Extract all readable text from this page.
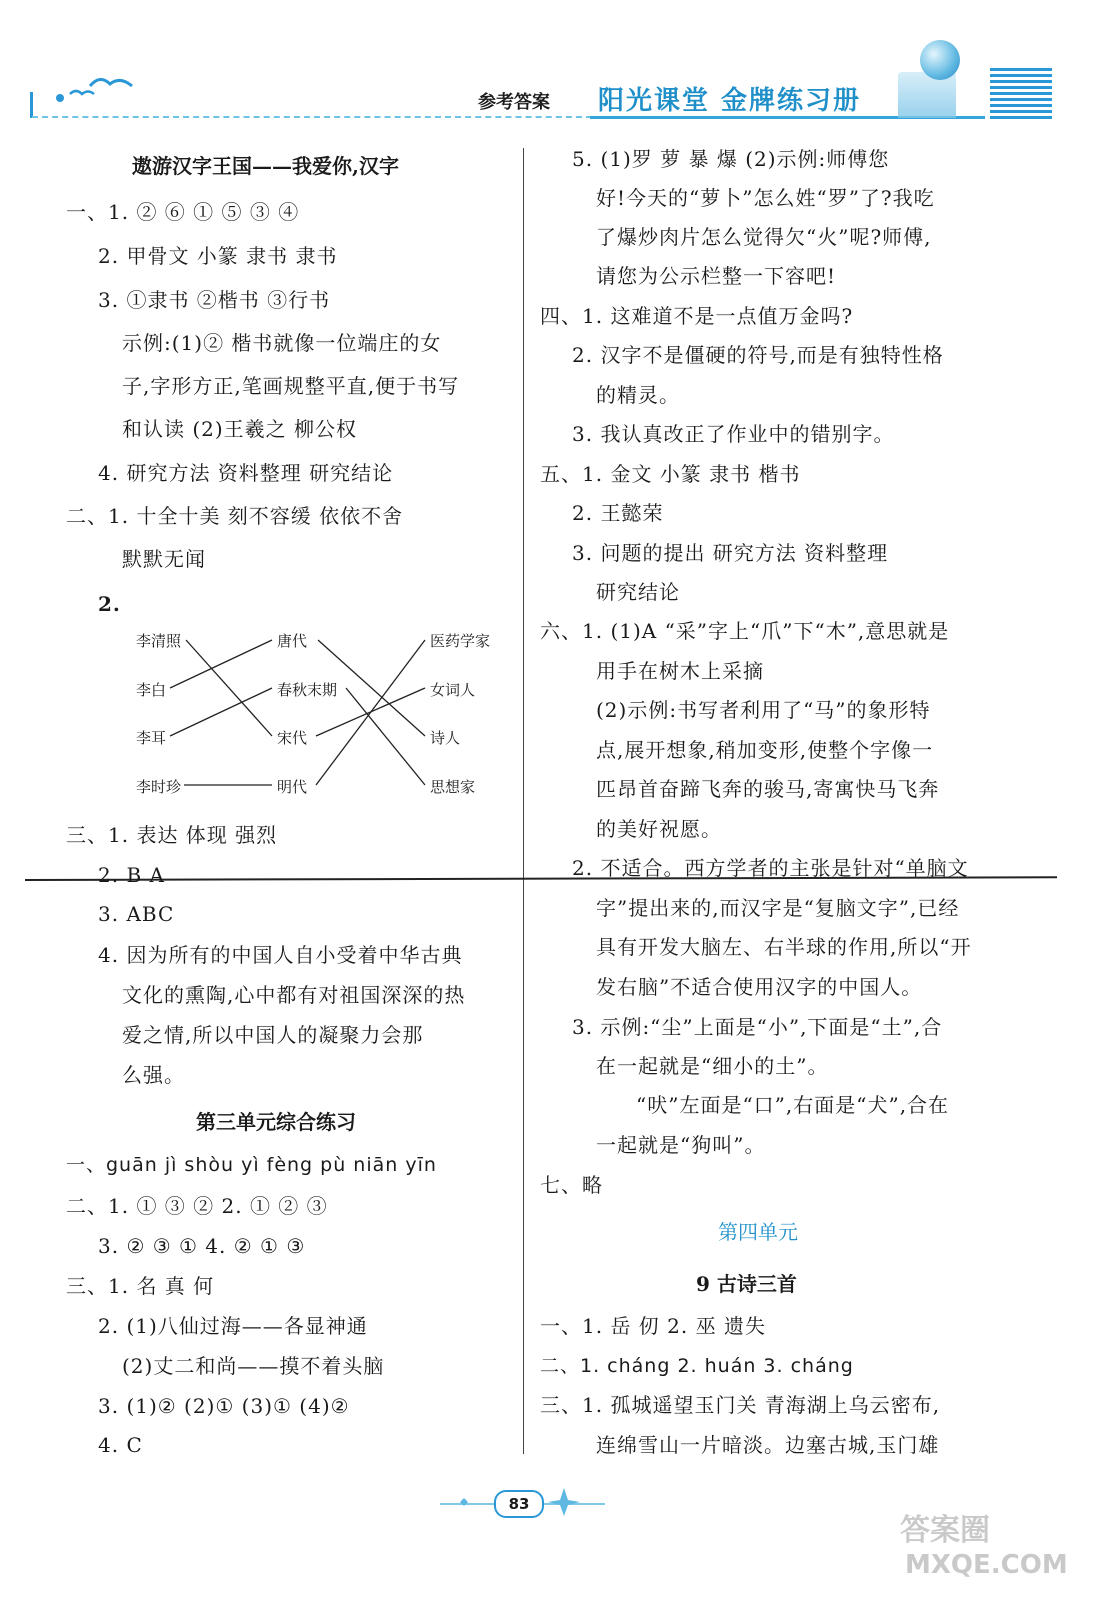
参考答案 阳光课堂 金牌练习册
遨游汉字王国——我爱你,汉字
一、1. ② ⑥ ① ⑤ ③ ④
2. 甲骨文 小篆 隶书 隶书
3. ①隶书 ②楷书 ③行书
示例:(1)② 楷书就像一位端庄的女
子,字形方正,笔画规整平直,便于书写
和认读 (2)王羲之 柳公权
4. 研究方法 资料整理 研究结论
二、1. 十全十美 刻不容缓 依依不舍
默默无闻
2.
李清照
李白
李耳
李时珍
唐代
春秋末期
宋代
明代
医药学家
女词人
诗人
思想家
三、1. 表达 体现 强烈
2. B A
3. ABC
4. 因为所有的中国人自小受着中华古典
文化的熏陶,心中都有对祖国深深的热
爱之情,所以中国人的凝聚力会那
么强。
第三单元综合练习
一、guān jì shòu yì fèng pù niān yīn
二、1. ① ③ ② 2. ① ② ③
3. ② ③ ① 4. ② ① ③
三、1. 名 真 何
2. (1)八仙过海——各显神通
(2)丈二和尚——摸不着头脑
3. (1)② (2)① (3)① (4)②
4. C
5. (1)罗 萝 暴 爆 (2)示例:师傅您
好!今天的“萝卜”怎么姓“罗”了?我吃
了爆炒肉片怎么觉得欠“火”呢?师傅,
请您为公示栏整一下容吧!
四、1. 这难道不是一点值万金吗?
2. 汉字不是僵硬的符号,而是有独特性格
的精灵。
3. 我认真改正了作业中的错别字。
五、1. 金文 小篆 隶书 楷书
2. 王懿荣
3. 问题的提出 研究方法 资料整理
研究结论
六、1. (1)A “采”字上“爪”下“木”,意思就是
用手在树木上采摘
(2)示例:书写者利用了“马”的象形特
点,展开想象,稍加变形,使整个字像一
匹昂首奋蹄飞奔的骏马,寄寓快马飞奔
的美好祝愿。
2. 不适合。西方学者的主张是针对“单脑文
字”提出来的,而汉字是“复脑文字”,已经
具有开发大脑左、右半球的作用,所以“开
发右脑”不适合使用汉字的中国人。
3. 示例:“尘”上面是“小”,下面是“土”,合
在一起就是“细小的土”。
“吠”左面是“口”,右面是“犬”,合在
一起就是“狗叫”。
七、略
第四单元
9 古诗三首
一、1. 岳 仞 2. 巫 遗失
二、1. cháng 2. huán 3. cháng
三、1. 孤城遥望玉门关 青海湖上乌云密布,
连绵雪山一片暗淡。边塞古城,玉门雄
83
答案圈
MXQE.COM
